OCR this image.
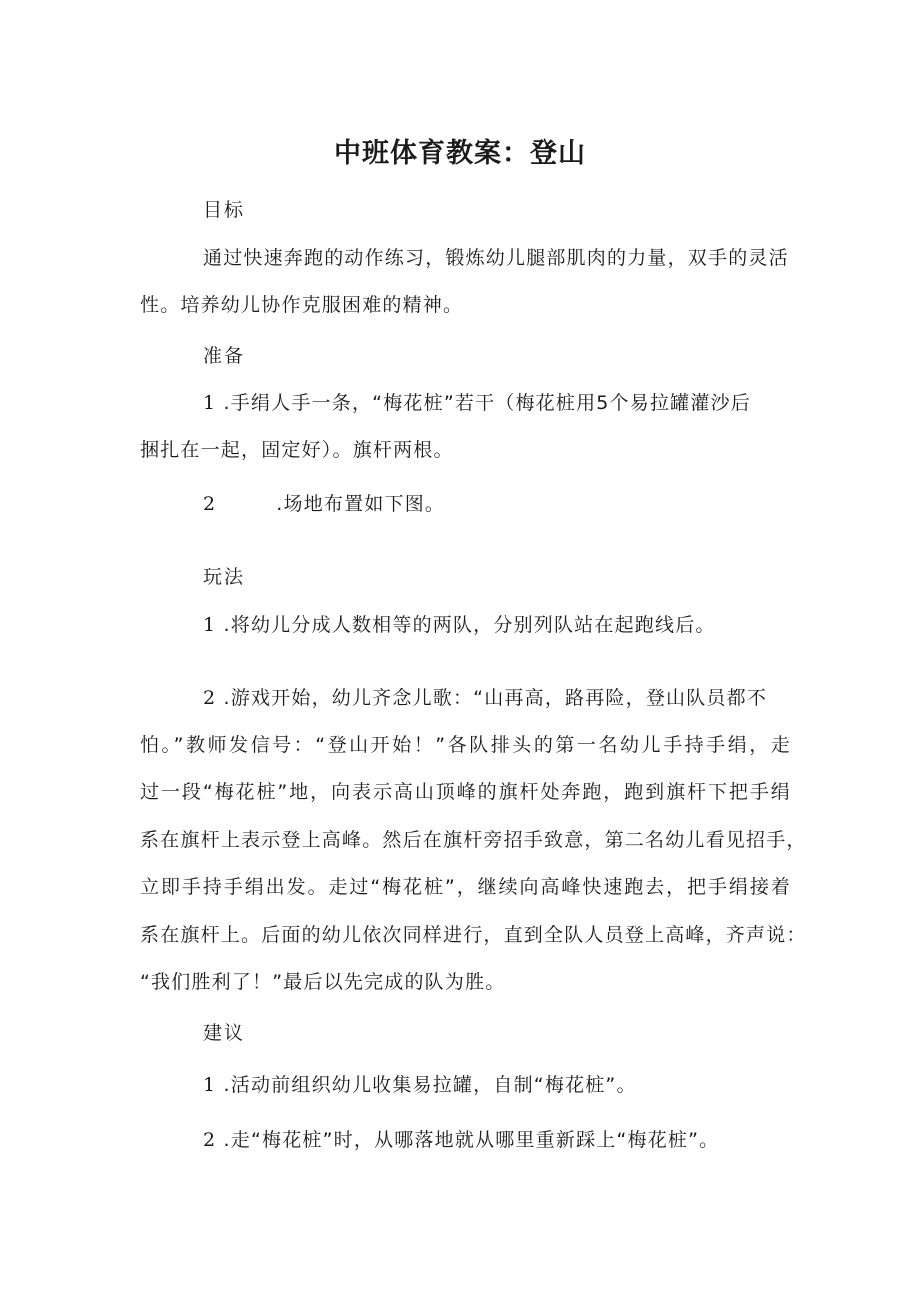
中班体育教案：登山
目标
通过快速奔跑的动作练习，锻炼幼儿腿部肌肉的力量，双手的灵活
性。培养幼儿协作克服困难的精神。
准备
1 .手绢人手一条，“梅花桩”若干（梅花桩用5个易拉罐灌沙后
捆扎在一起，固定好）。旗杆两根。
2	.场地布置如下图。
玩法
1 .将幼儿分成人数相等的两队，分别列队站在起跑线后。
2 .游戏开始，幼儿齐念儿歌：“山再高，路再险，登山队员都不
怕。”教师发信号：“登山开始！”各队排头的第一名幼儿手持手绢，走
过一段“梅花桩”地，向表示高山顶峰的旗杆处奔跑，跑到旗杆下把手绢
系在旗杆上表示登上高峰。然后在旗杆旁招手致意，第二名幼儿看见招手，
立即手持手绢出发。走过“梅花桩”，继续向高峰快速跑去，把手绢接着
系在旗杆上。后面的幼儿依次同样进行，直到全队人员登上高峰，齐声说：
“我们胜利了！”最后以先完成的队为胜。
建议
1 .活动前组织幼儿收集易拉罐，自制“梅花桩”。
2 .走“梅花桩”时，从哪落地就从哪里重新踩上“梅花桩”。
